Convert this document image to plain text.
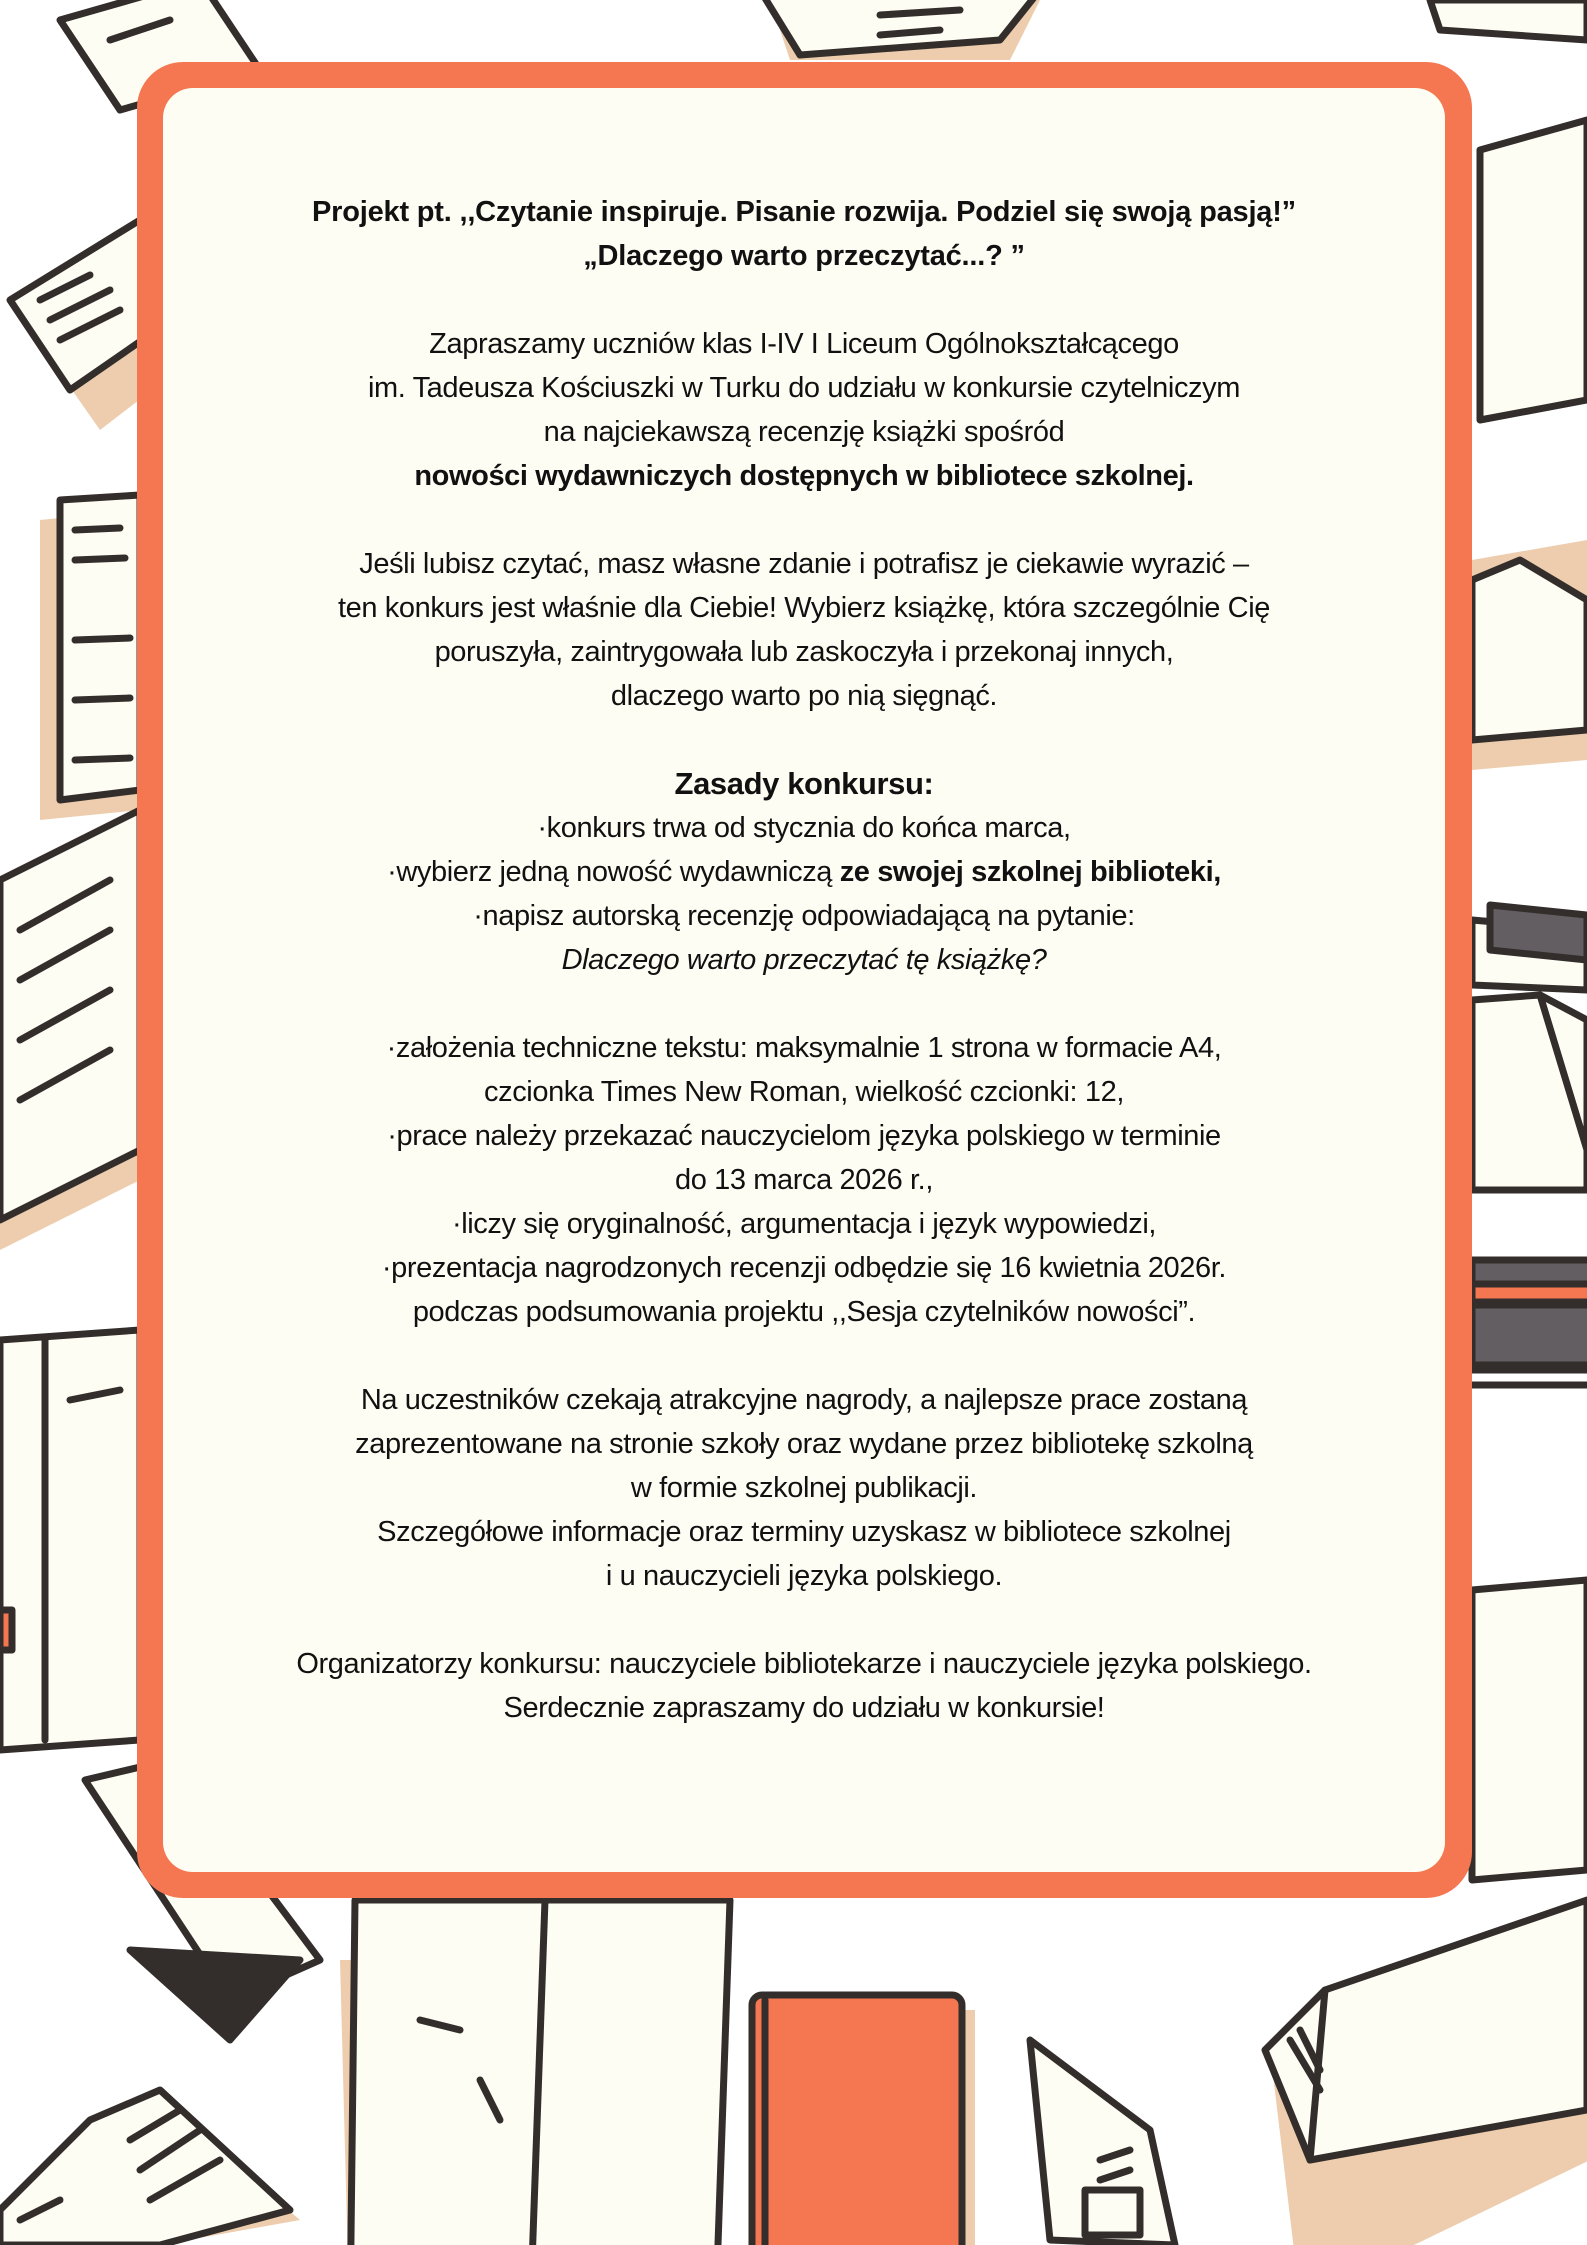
Projekt pt. ,,Czytanie inspiruje. Pisanie rozwija. Podziel się swoją pasją!”
„Dlaczego warto przeczytać...? ”
Zapraszamy uczniów klas I-IV I Liceum Ogólnokształcącego
im. Tadeusza Kościuszki w Turku do udziału w konkursie czytelniczym
na najciekawszą recenzję książki spośród
nowości wydawniczych dostępnych w bibliotece szkolnej.
Jeśli lubisz czytać, masz własne zdanie i potrafisz je ciekawie wyrazić –
ten konkurs jest właśnie dla Ciebie! Wybierz książkę, która szczególnie Cię
poruszyła, zaintrygowała lub zaskoczyła i przekonaj innych,
dlaczego warto po nią sięgnąć.
Zasady konkursu:
·konkurs trwa od stycznia do końca marca,
·wybierz jedną nowość wydawniczą ze swojej szkolnej biblioteki,
·napisz autorską recenzję odpowiadającą na pytanie:
Dlaczego warto przeczytać tę książkę?
·założenia techniczne tekstu: maksymalnie 1 strona w formacie A4,
czcionka Times New Roman, wielkość czcionki: 12,
·prace należy przekazać nauczycielom języka polskiego w terminie
do 13 marca 2026 r.,
·liczy się oryginalność, argumentacja i język wypowiedzi,
·prezentacja nagrodzonych recenzji odbędzie się 16 kwietnia 2026r.
podczas podsumowania projektu ,,Sesja czytelników nowości”.
Na uczestników czekają atrakcyjne nagrody, a najlepsze prace zostaną
zaprezentowane na stronie szkoły oraz wydane przez bibliotekę szkolną
w formie szkolnej publikacji.
Szczegółowe informacje oraz terminy uzyskasz w bibliotece szkolnej
i u nauczycieli języka polskiego.
Organizatorzy konkursu: nauczyciele bibliotekarze i nauczyciele języka polskiego.
Serdecznie zapraszamy do udziału w konkursie!
